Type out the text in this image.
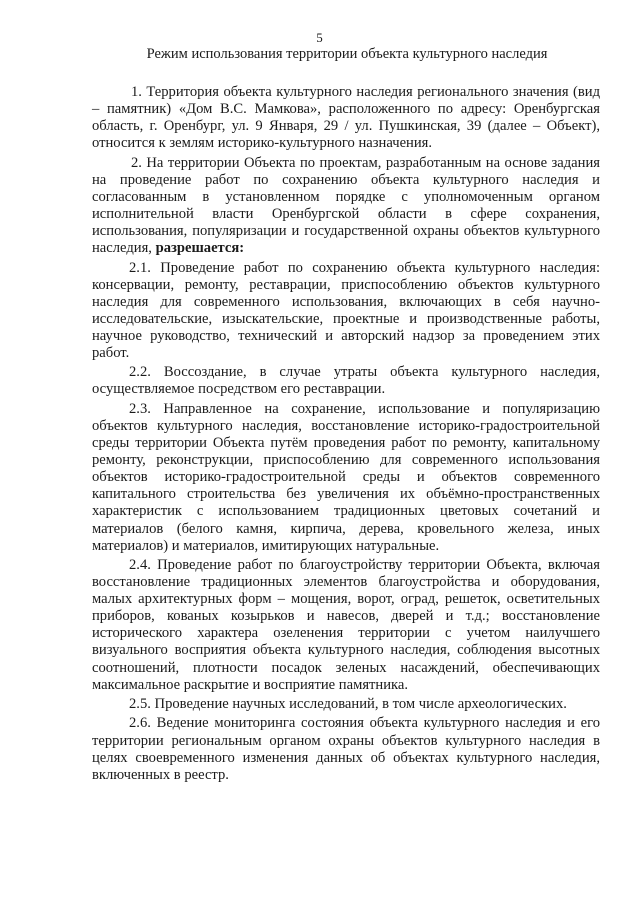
5
Режим использования территории объекта культурного наследия

1. Территория объекта культурного наследия регионального значения (вид – памятник) «Дом В.С. Мамкова», расположенного по адресу: Оренбургская область, г. Оренбург, ул. 9 Января, 29 / ул. Пушкинская, 39 (далее – Объект), относится к землям историко-культурного назначения.

2. На территории Объекта по проектам, разработанным на основе задания на проведение работ по сохранению объекта культурного наследия и согласованным в установленном порядке с уполномоченным органом исполнительной власти Оренбургской области в сфере сохранения, использования, популяризации и государственной охраны объектов культурного наследия, разрешается:

2.1. Проведение работ по сохранению объекта культурного наследия: консервации, ремонту, реставрации, приспособлению объектов культурного наследия для современного использования, включающих в себя научно-исследовательские, изыскательские, проектные и производственные работы, научное руководство, технический и авторский надзор за проведением этих работ.

2.2. Воссоздание, в случае утраты объекта культурного наследия, осуществляемое посредством его реставрации.

2.3. Направленное на сохранение, использование и популяризацию объектов культурного наследия, восстановление историко-градостроительной среды территории Объекта путём проведения работ по ремонту, капитальному ремонту, реконструкции, приспособлению для современного использования объектов историко-градостроительной среды и объектов современного капитального строительства без увеличения их объёмно-пространственных характеристик с использованием традиционных цветовых сочетаний и материалов (белого камня, кирпича, дерева, кровельного железа, иных материалов) и материалов, имитирующих натуральные.

2.4. Проведение работ по благоустройству территории Объекта, включая восстановление традиционных элементов благоустройства и оборудования, малых архитектурных форм – мощения, ворот, оград, решеток, осветительных приборов, кованых козырьков и навесов, дверей и т.д.; восстановление исторического характера озеленения территории с учетом наилучшего визуального восприятия объекта культурного наследия, соблюдения высотных соотношений, плотности посадок зеленых насаждений, обеспечивающих максимальное раскрытие и восприятие памятника.

2.5. Проведение научных исследований, в том числе археологических.

2.6. Ведение мониторинга состояния объекта культурного наследия и его территории региональным органом охраны объектов культурного наследия в целях своевременного изменения данных об объектах культурного наследия, включенных в реестр.
